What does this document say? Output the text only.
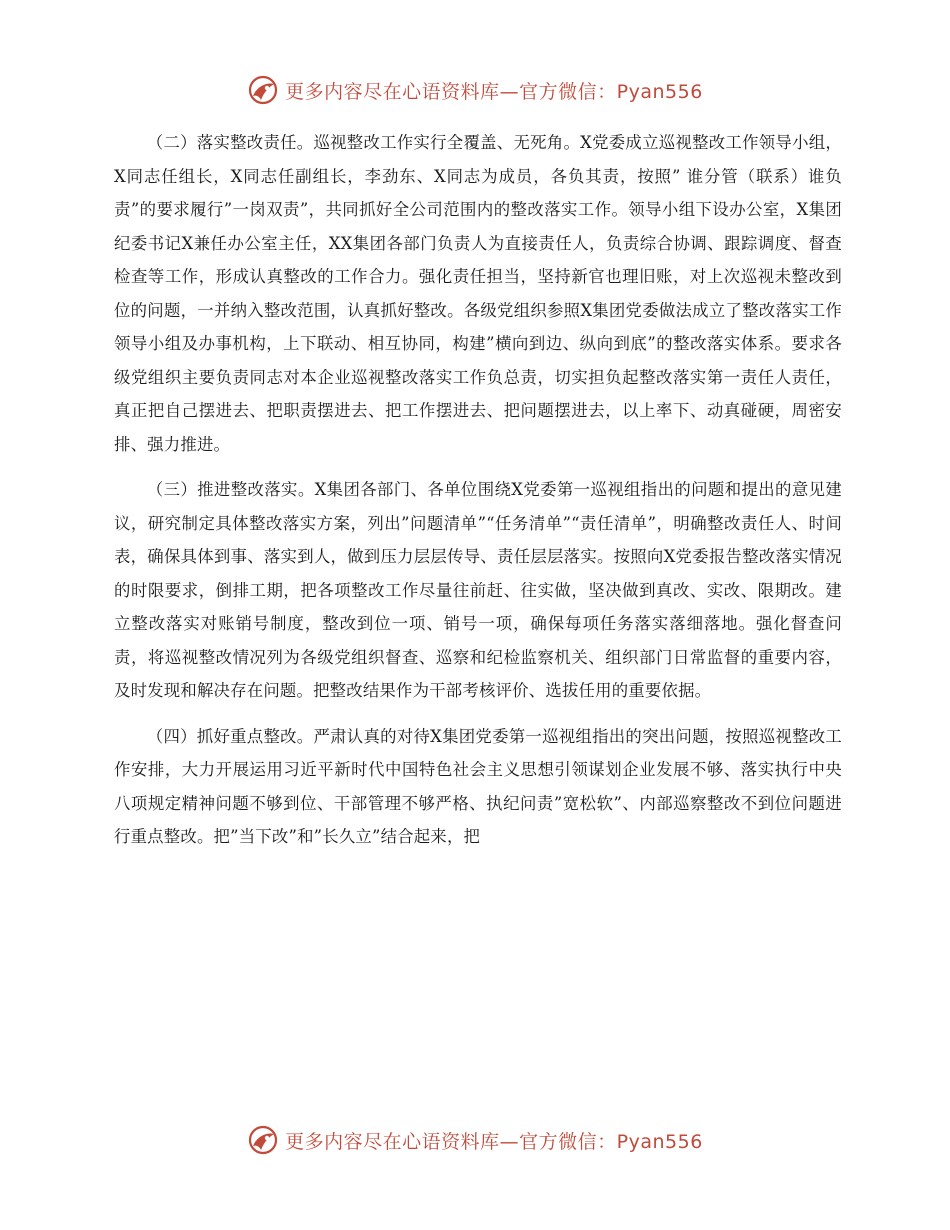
更多内容尽在心语资料库—官方微信：Pyan556

（二）落实整改责任。巡视整改工作实行全覆盖、无死角。X党委成立巡视整改工作领导小组，X同志任组长，X同志任副组长，李劲东、X同志为成员，各负其责，按照” 谁分管（联系）谁负责”的要求履行”一岗双责”，共同抓好全公司范围内的整改落实工作。领导小组下设办公室，X集团纪委书记X兼任办公室主任，XX集团各部门负责人为直接责任人，负责综合协调、跟踪调度、督查检查等工作，形成认真整改的工作合力。强化责任担当，坚持新官也理旧账，对上次巡视未整改到位的问题，一并纳入整改范围，认真抓好整改。各级党组织参照X集团党委做法成立了整改落实工作领导小组及办事机构，上下联动、相互协同，构建”横向到边、纵向到底”的整改落实体系。要求各级党组织主要负责同志对本企业巡视整改落实工作负总责，切实担负起整改落实第一责任人责任，真正把自己摆进去、把职责摆进去、把工作摆进去、把问题摆进去，以上率下、动真碰硬，周密安排、强力推进。

（三）推进整改落实。X集团各部门、各单位围绕X党委第一巡视组指出的问题和提出的意见建议，研究制定具体整改落实方案，列出”问题清单”“任务清单”“责任清单”，明确整改责任人、时间表，确保具体到事、落实到人，做到压力层层传导、责任层层落实。按照向X党委报告整改落实情况的时限要求，倒排工期，把各项整改工作尽量往前赶、往实做，坚决做到真改、实改、限期改。建立整改落实对账销号制度，整改到位一项、销号一项，确保每项任务落实落细落地。强化督查问责，将巡视整改情况列为各级党组织督查、巡察和纪检监察机关、组织部门日常监督的重要内容，及时发现和解决存在问题。把整改结果作为干部考核评价、选拔任用的重要依据。

（四）抓好重点整改。严肃认真的对待X集团党委第一巡视组指出的突出问题，按照巡视整改工作安排，大力开展运用习近平新时代中国特色社会主义思想引领谋划企业发展不够、落实执行中央八项规定精神问题不够到位、干部管理不够严格、执纪问责”宽松软”、内部巡察整改不到位问题进行重点整改。把”当下改”和”长久立”结合起来，把

更多内容尽在心语资料库—官方微信：Pyan556
